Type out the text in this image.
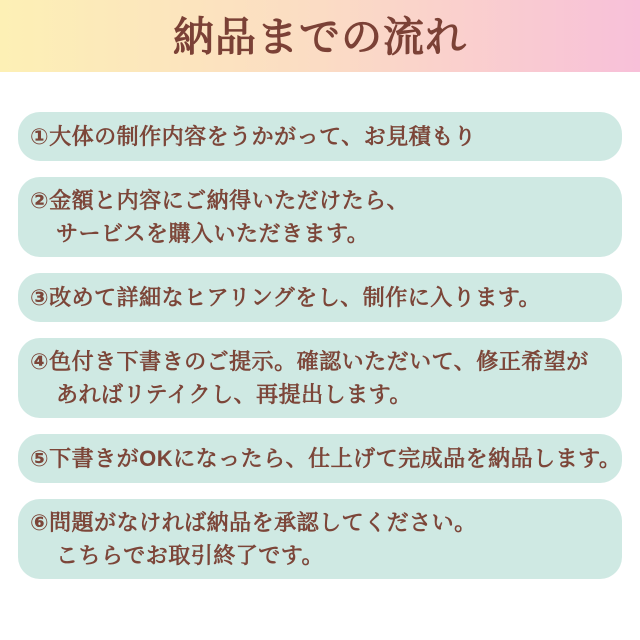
納品までの流れ
①大体の制作内容をうかがって、お見積もり
②金額と内容にご納得いただけたら、
サービスを購入いただきます。
③改めて詳細なヒアリングをし、制作に入ります。
④色付き下書きのご提示。確認いただいて、修正希望が
あればリテイクし、再提出します。
⑤下書きがOKになったら、仕上げて完成品を納品します。
⑥問題がなければ納品を承認してください。
こちらでお取引終了です。
